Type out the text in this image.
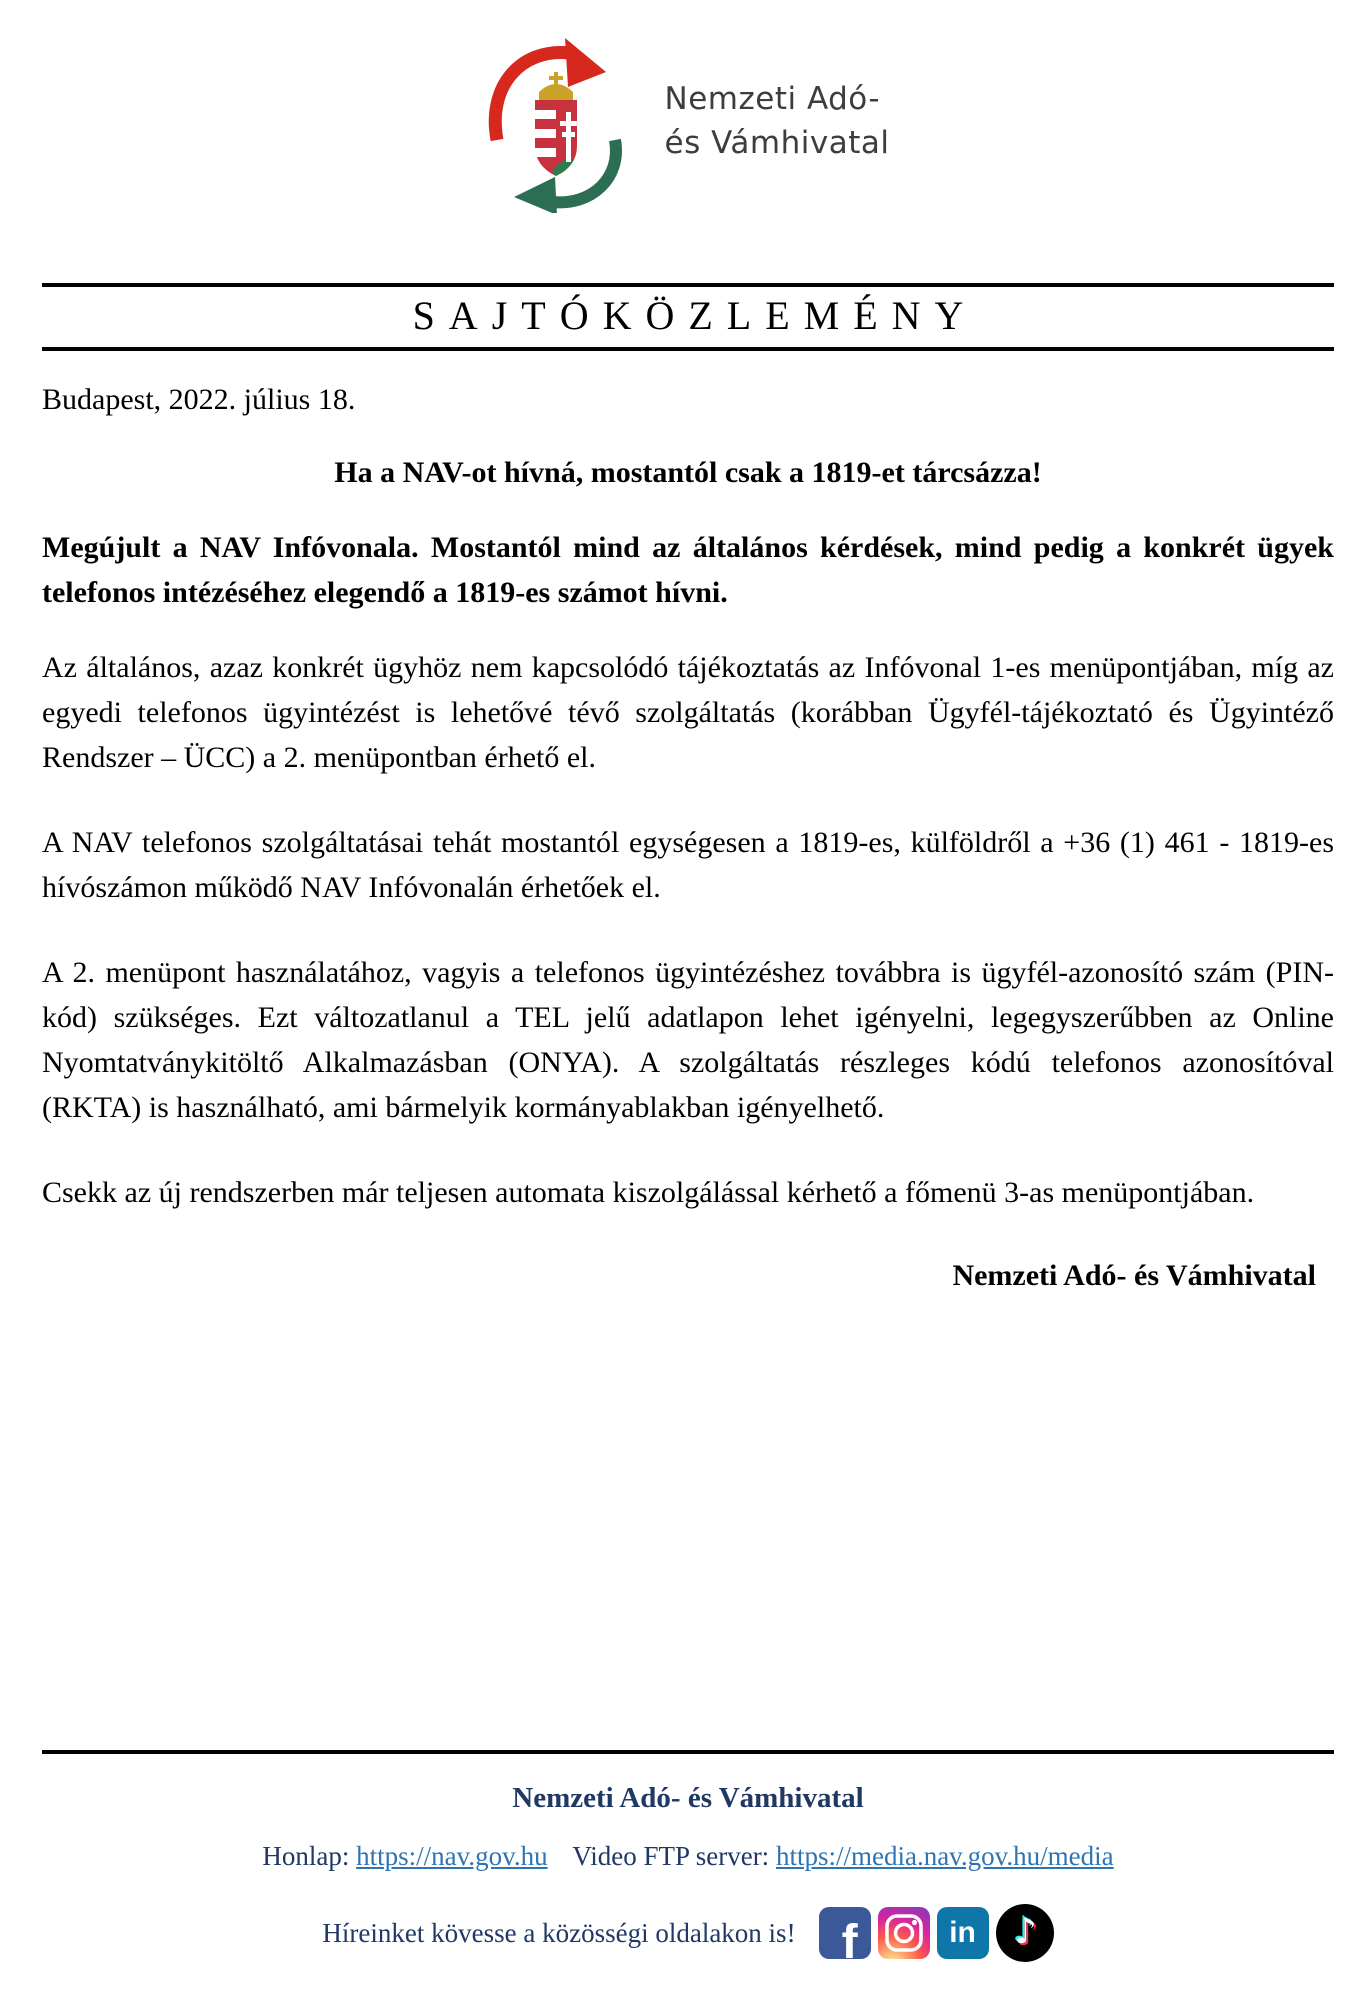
Nemzeti Adó-
és Vámhivatal
SAJTÓKÖZLEMÉNY
Budapest, 2022. július 18.
Ha a NAV-ot hívná, mostantól csak a 1819-et tárcsázza!

Megújult a NAV Infóvonala. Mostantól mind az általános kérdések, mind pedig a konkrét ügyek telefonos intézéséhez elegendő a 1819-es számot hívni.

Az általános, azaz konkrét ügyhöz nem kapcsolódó tájékoztatás az Infóvonal 1-es menüpontjában, míg az egyedi telefonos ügyintézést is lehetővé tévő szolgáltatás (korábban Ügyfél-tájékoztató és Ügyintéző Rendszer – ÜCC) a 2. menüpontban érhető el.

A NAV telefonos szolgáltatásai tehát mostantól egységesen a 1819-es, külföldről a +36 (1) 461 - 1819-es hívószámon működő NAV Infóvonalán érhetőek el.

A 2. menüpont használatához, vagyis a telefonos ügyintézéshez továbbra is ügyfél-azonosító szám (PIN-kód) szükséges. Ezt változatlanul a TEL jelű adatlapon lehet igényelni, legegyszerűbben az Online Nyomtatványkitöltő Alkalmazásban (ONYA). A szolgáltatás részleges kódú telefonos azonosítóval (RKTA) is használható, ami bármelyik kormányablakban igényelhető.

Csekk az új rendszerben már teljesen automata kiszolgálással kérhető a főmenü 3-as menüpontjában.

Nemzeti Adó- és Vámhivatal
Nemzeti Adó- és Vámhivatal
Honlap: https://nav.gov.hu Video FTP server: https://media.nav.gov.hu/media
Híreinket kövesse a közösségi oldalakon is! f	in ♪
